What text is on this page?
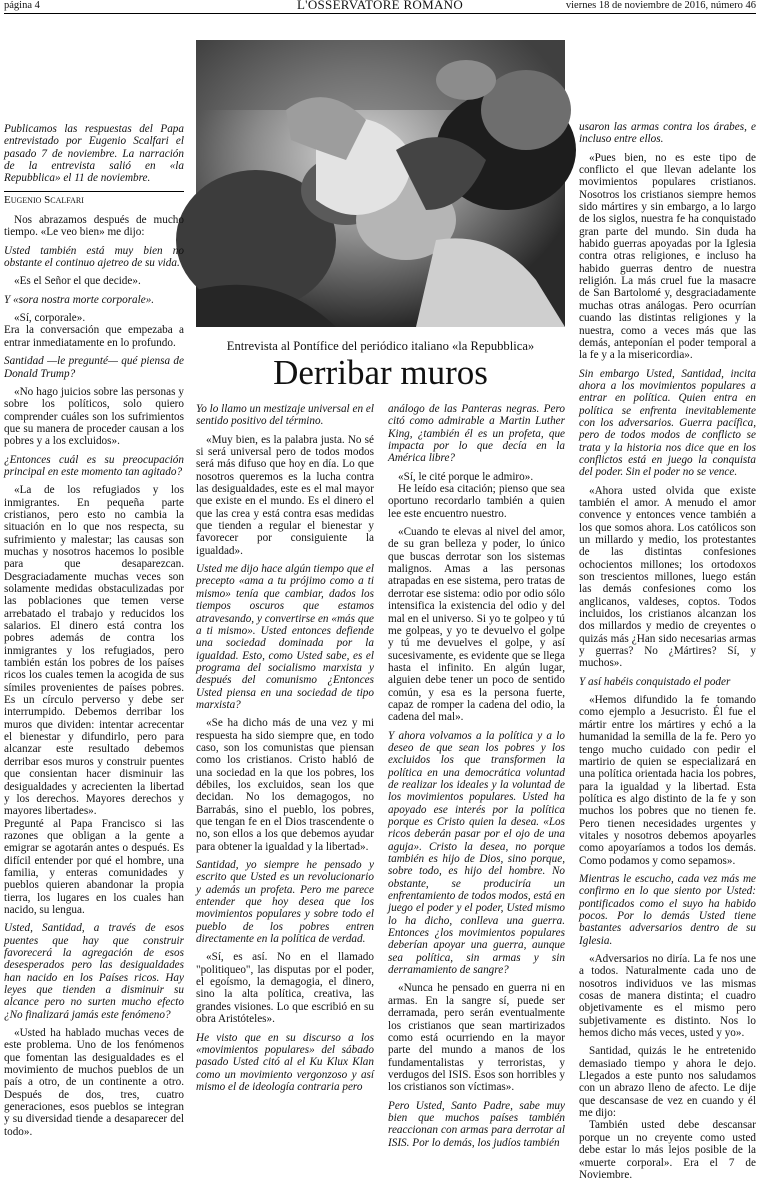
página 4	L'OSSERVATORE ROMANO	viernes 18 de noviembre de 2016, número 46
Entrevista al Pontífice del periódico italiano «la Repubblica»
Derribar muros

Publicamos las respuestas del Papa entrevistado por Eugenio Scalfari el pasado 7 de noviembre. La narración de la entrevista salió en «la Repubblica» el 11 de noviembre.

Eugenio Scalfari

Nos abrazamos después de mucho tiempo. «Le veo bien» me dijo:

Usted también está muy bien no obstante el continuo ajetreo de su vida.

«Es el Señor el que decide».

Y «sora nostra morte corporale».

«Sí, corporale».

Era la conversación que empezaba a entrar inmediatamente en lo profundo.

Santidad —le pregunté— qué piensa de Donald Trump?

«No hago juicios sobre las personas y sobre los políticos, solo quiero comprender cuáles son los sufrimientos que su manera de proceder causan a los pobres y a los excluidos».

¿Entonces cuál es su preocupación principal en este momento tan agitado?

«La de los refugiados y los inmigrantes. En pequeña parte cristianos, pero esto no cambia la situación en lo que nos respecta, su sufrimiento y malestar; las causas son muchas y nosotros hacemos lo posible para que desaparezcan. Desgraciadamente muchas veces son solamente medidas obstaculizadas por las poblaciones que temen verse arrebatado el trabajo y reducidos los salarios. El dinero está contra los pobres además de contra los inmigrantes y los refugiados, pero también están los pobres de los países ricos los cuales temen la acogida de sus símiles provenientes de países pobres. Es un círculo perverso y debe ser interrumpido. Debemos derribar los muros que dividen: intentar acrecentar el bienestar y difundirlo, pero para alcanzar este resultado debemos derribar esos muros y construir puentes que consientan hacer disminuir las desigualdades y acrecienten la libertad y los derechos. Mayores derechos y mayores libertades».

Pregunté al Papa Francisco si las razones que obligan a la gente a emigrar se agotarán antes o después. Es difícil entender por qué el hombre, una familia, y enteras comunidades y pueblos quieren abandonar la propia tierra, los lugares en los cuales han nacido, su lengua.

Usted, Santidad, a través de esos puentes que hay que construir favorecerá la agregación de esos desesperados pero las desigualdades han nacido en los Países ricos. Hay leyes que tienden a disminuir su alcance pero no surten mucho efecto ¿No finalizará jamás este fenómeno?

«Usted ha hablado muchas veces de este problema. Uno de los fenómenos que fomentan las desigualdades es el movimiento de muchos pueblos de un país a otro, de un continente a otro. Después de dos, tres, cuatro generaciones, esos pueblos se integran y su diversidad tiende a desaparecer del todo».

Yo lo llamo un mestizaje universal en el sentido positivo del término.

«Muy bien, es la palabra justa. No sé si será universal pero de todos modos será más difuso que hoy en día. Lo que nosotros queremos es la lucha contra las desigualdades, este es el mal mayor que existe en el mundo. Es el dinero el que las crea y está contra esas medidas que tienden a regular el bienestar y favorecer por consiguiente la igualdad».

Usted me dijo hace algún tiempo que el precepto «ama a tu prójimo como a ti mismo» tenía que cambiar, dados los tiempos oscuros que estamos atravesando, y convertirse en «más que a ti mismo». Usted entonces defiende una sociedad dominada por la igualdad. Esto, como Usted sabe, es el programa del socialismo marxista y después del comunismo ¿Entonces Usted piensa en una sociedad de tipo marxista?

«Se ha dicho más de una vez y mi respuesta ha sido siempre que, en todo caso, son los comunistas que piensan como los cristianos. Cristo habló de una sociedad en la que los pobres, los débiles, los excluidos, sean los que decidan. No los demagogos, no Barrabás, sino el pueblo, los pobres, que tengan fe en el Dios trascendente o no, son ellos a los que debemos ayudar para obtener la igualdad y la libertad».

Santidad, yo siempre he pensado y escrito que Usted es un revolucionario y además un profeta. Pero me parece entender que hoy desea que los movimientos populares y sobre todo el pueblo de los pobres entren directamente en la política de verdad.

«Sí, es así. No en el llamado "politiqueo", las disputas por el poder, el egoísmo, la demagogia, el dinero, sino la alta política, creativa, las grandes visiones. Lo que escribió en su obra Aristóteles».

He visto que en su discurso a los «movimientos populares» del sábado pasado Usted citó al el Ku Klux Klan como un movimiento vergonzoso y así mismo el de ideología contraria pero

análogo de las Panteras negras. Pero citó como admirable a Martin Luther King, ¿también él es un profeta, que impacta por lo que decía en la América libre?

«Sí, le cité porque le admiro».

He leído esa citación; pienso que sea oportuno recordarlo también a quien lee este encuentro nuestro.

«Cuando te elevas al nivel del amor, de su gran belleza y poder, lo único que buscas derrotar son los sistemas malignos. Amas a las personas atrapadas en ese sistema, pero tratas de derrotar ese sistema: odio por odio sólo intensifica la existencia del odio y del mal en el universo. Si yo te golpeo y tú me golpeas, y yo te devuelvo el golpe y tú me devuelves el golpe, y así sucesivamente, es evidente que se llega hasta el infinito. En algún lugar, alguien debe tener un poco de sentido común, y esa es la persona fuerte, capaz de romper la cadena del odio, la cadena del mal».

Y ahora volvamos a la política y a lo deseo de que sean los pobres y los excluidos los que transformen la política en una democrática voluntad de realizar los ideales y la voluntad de los movimientos populares. Usted ha apoyado ese interés por la política porque es Cristo quien la desea. «Los ricos deberán pasar por el ojo de una aguja». Cristo la desea, no porque también es hijo de Dios, sino porque, sobre todo, es hijo del hombre. No obstante, se produciría un enfrentamiento de todos modos, está en juego el poder y el poder, Usted mismo lo ha dicho, conlleva una guerra. Entonces ¿los movimientos populares deberían apoyar una guerra, aunque sea política, sin armas y sin derramamiento de sangre?

«Nunca he pensado en guerra ni en armas. En la sangre sí, puede ser derramada, pero serán eventualmente los cristianos que sean martirizados como está ocurriendo en la mayor parte del mundo a manos de los fundamentalistas y terroristas, y verdugos del ISIS. Esos son horribles y los cristianos son víctimas».

Pero Usted, Santo Padre, sabe muy bien que muchos países también reaccionan con armas para derrotar al ISIS. Por lo demás, los judíos también

usaron las armas contra los árabes, e incluso entre ellos.

«Pues bien, no es este tipo de conflicto el que llevan adelante los movimientos populares cristianos. Nosotros los cristianos siempre hemos sido mártires y sin embargo, a lo largo de los siglos, nuestra fe ha conquistado gran parte del mundo. Sin duda ha habido guerras apoyadas por la Iglesia contra otras religiones, e incluso ha habido guerras dentro de nuestra religión. La más cruel fue la masacre de San Bartolomé y, desgraciadamente muchas otras análogas. Pero ocurrían cuando las distintas religiones y la nuestra, como a veces más que las demás, anteponían el poder temporal a la fe y a la misericordia».

Sin embargo Usted, Santidad, incita ahora a los movimientos populares a entrar en política. Quien entra en política se enfrenta inevitablemente con los adversarios. Guerra pacífica, pero de todos modos de conflicto se trata y la historia nos dice que en los conflictos está en juego la conquista del poder. Sin el poder no se vence.

«Ahora usted olvida que existe también el amor. A menudo el amor convence y entonces vence también a los que somos ahora. Los católicos son un millardo y medio, los protestantes de las distintas confesiones ochocientos millones; los ortodoxos son trescientos millones, luego están las demás confesiones como los anglicanos, valdeses, coptos. Todos incluidos, los cristianos alcanzan los dos millardos y medio de creyentes o quizás más ¿Han sido necesarias armas y guerras? No ¿Mártires? Sí, y muchos».

Y así habéis conquistado el poder

«Hemos difundido la fe tomando como ejemplo a Jesucristo. Él fue el mártir entre los mártires y echó a la humanidad la semilla de la fe. Pero yo tengo mucho cuidado con pedir el martirio de quien se especializará en una política orientada hacia los pobres, para la igualdad y la libertad. Esta política es algo distinto de la fe y son muchos los pobres que no tienen fe. Pero tienen necesidades urgentes y vitales y nosotros debemos apoyarles como apoyaríamos a todos los demás. Como podamos y como sepamos».

Mientras le escucho, cada vez más me confirmo en lo que siento por Usted: pontificados como el suyo ha habido pocos. Por lo demás Usted tiene bastantes adversarios dentro de su Iglesia.

«Adversarios no diría. La fe nos une a todos. Naturalmente cada uno de nosotros individuos ve las mismas cosas de manera distinta; el cuadro objetivamente es el mismo pero subjetivamente es distinto. Nos lo hemos dicho más veces, usted y yo».

Santidad, quizás le he entretenido demasiado tiempo y ahora le dejo. Llegados a este punto nos saludamos con un abrazo lleno de afecto. Le dije que descansase de vez en cuando y él me dijo:

También usted debe descansar porque un no creyente como usted debe estar lo más lejos posible de la «muerte corporal». Era el 7 de Noviembre.
